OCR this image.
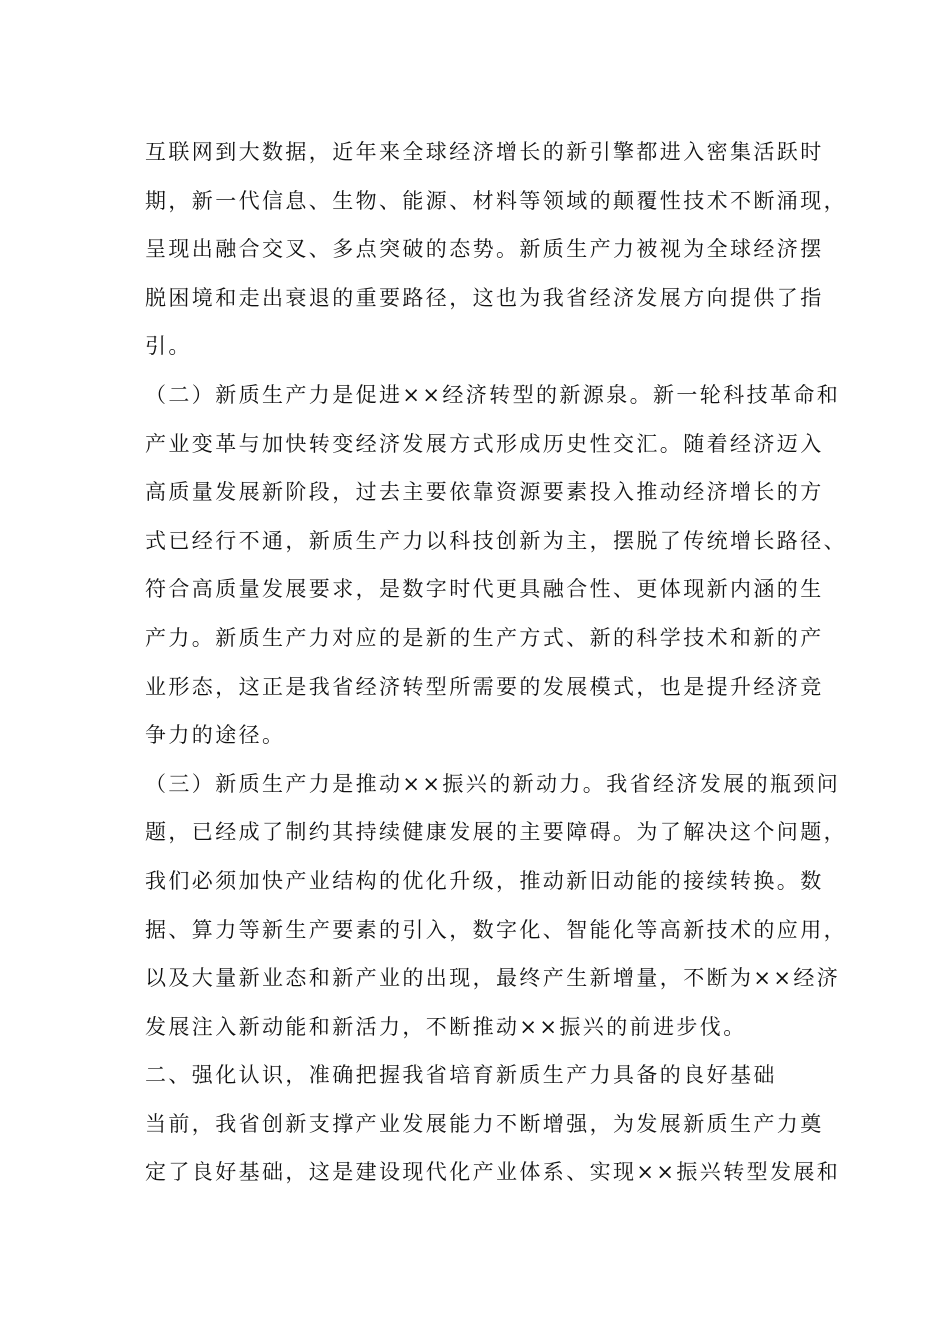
互联网到大数据，近年来全球经济增长的新引擎都进入密集活跃时
期，新一代信息、生物、能源、材料等领域的颠覆性技术不断涌现，
呈现出融合交叉、多点突破的态势。新质生产力被视为全球经济摆
脱困境和走出衰退的重要路径，这也为我省经济发展方向提供了指
引。
（二）新质生产力是促进××经济转型的新源泉。新一轮科技革命和
产业变革与加快转变经济发展方式形成历史性交汇。随着经济迈入
高质量发展新阶段，过去主要依靠资源要素投入推动经济增长的方
式已经行不通，新质生产力以科技创新为主，摆脱了传统增长路径、
符合高质量发展要求，是数字时代更具融合性、更体现新内涵的生
产力。新质生产力对应的是新的生产方式、新的科学技术和新的产
业形态，这正是我省经济转型所需要的发展模式，也是提升经济竞
争力的途径。
（三）新质生产力是推动××振兴的新动力。我省经济发展的瓶颈问
题，已经成了制约其持续健康发展的主要障碍。为了解决这个问题，
我们必须加快产业结构的优化升级，推动新旧动能的接续转换。数
据、算力等新生产要素的引入，数字化、智能化等高新技术的应用，
以及大量新业态和新产业的出现，最终产生新增量，不断为××经济
发展注入新动能和新活力，不断推动××振兴的前进步伐。
二、强化认识，准确把握我省培育新质生产力具备的良好基础
当前，我省创新支撑产业发展能力不断增强，为发展新质生产力奠
定了良好基础，这是建设现代化产业体系、实现××振兴转型发展和
